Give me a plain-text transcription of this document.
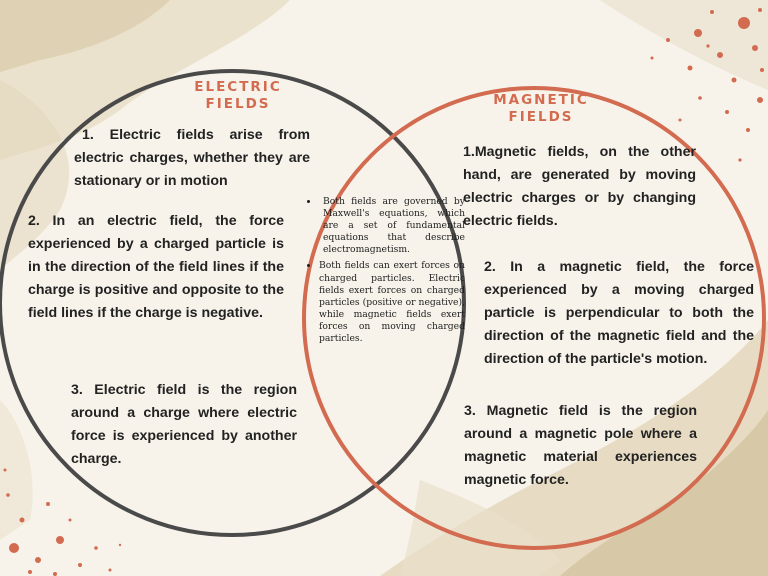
ELECTRIC
FIELDS	MAGNETIC
FIELDS
1. Electric fields arise from electric charges, whether they are stationary or in motion
2. In an electric field, the force experienced by a charged particle is in the direction of the field lines if the charge is positive and opposite to the field lines if the charge is negative.
3. Electric field is the region around a charge where electric force is experienced by another charge.
1.Magnetic fields, on the other hand, are generated by moving electric charges or by changing electric fields.
2. In a magnetic field, the force experienced by a moving charged particle is perpendicular to both the direction of the magnetic field and the direction of the particle's motion.
3. Magnetic field is the region around a magnetic pole where a magnetic material experiences magnetic force.
• Both fields are governed by Maxwell's equations, which are a set of fundamental equations that describe electromagnetism.
• Both fields can exert forces on charged particles. Electric fields exert forces on charged particles (positive or negative), while magnetic fields exert forces on moving charged particles.
